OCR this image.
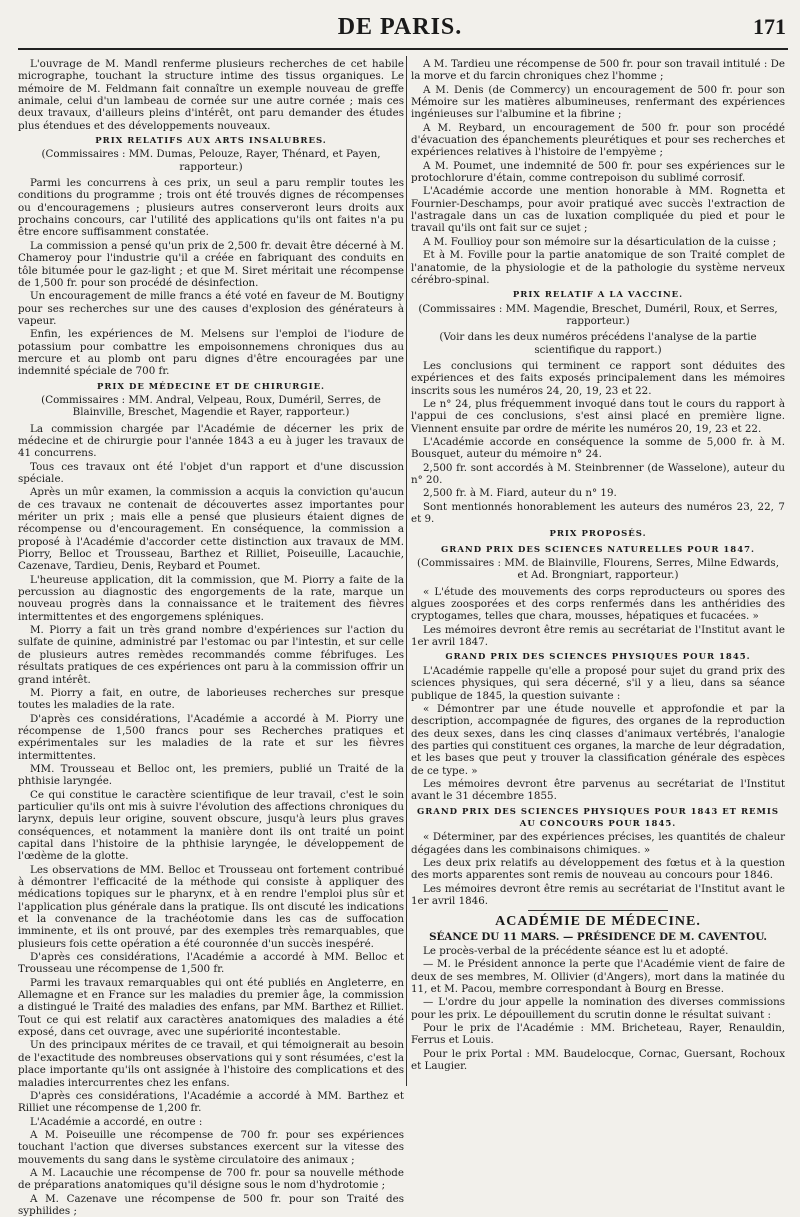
DE PARIS.	171

L'ouvrage de M. Mandl renferme plusieurs recherches de cet habile micrographe, touchant la structure intime des tissus organiques. Le mémoire de M. Feldmann fait connaître un exemple nouveau de greffe animale, celui d'un lambeau de cornée sur une autre cornée ; mais ces deux travaux, d'ailleurs pleins d'intérêt, ont paru demander des études plus étendues et des développements nouveaux.

PRIX RELATIFS AUX ARTS INSALUBRES.

(Commissaires : MM. Dumas, Pelouze, Rayer, Thénard, et Payen, rapporteur.)

Parmi les concurrens à ces prix, un seul a paru remplir toutes les conditions du programme ; trois ont été trouvés dignes de récompenses ou d'encouragemens ; plusieurs autres conserveront leurs droits aux prochains concours, car l'utilité des applications qu'ils ont faites n'a pu être encore suffisamment constatée.

La commission a pensé qu'un prix de 2,500 fr. devait être décerné à M. Chameroy pour l'industrie qu'il a créée en fabriquant des conduits en tôle bitumée pour le gaz-light ; et que M. Siret méritait une récompense de 1,500 fr. pour son procédé de désinfection.

Un encouragement de mille francs a été voté en faveur de M. Boutigny pour ses recherches sur une des causes d'explosion des générateurs à vapeur.

Enfin, les expériences de M. Melsens sur l'emploi de l'iodure de potassium pour combattre les empoisonnemens chroniques dus au mercure et au plomb ont paru dignes d'être encouragées par une indemnité spéciale de 700 fr.

PRIX DE MÉDECINE ET DE CHIRURGIE.

(Commissaires : MM. Andral, Velpeau, Roux, Duméril, Serres, de Blainville, Breschet, Magendie et Rayer, rapporteur.)

La commission chargée par l'Académie de décerner les prix de médecine et de chirurgie pour l'année 1843 a eu à juger les travaux de 41 concurrens.

Tous ces travaux ont été l'objet d'un rapport et d'une discussion spéciale.

Après un mûr examen, la commission a acquis la conviction qu'aucun de ces travaux ne contenait de découvertes assez importantes pour mériter un prix ; mais elle a pensé que plusieurs étaient dignes de récompense ou d'encouragement. En conséquence, la commission a proposé à l'Académie d'accorder cette distinction aux travaux de MM. Piorry, Belloc et Trousseau, Barthez et Rilliet, Poiseuille, Lacauchie, Cazenave, Tardieu, Denis, Reybard et Poumet.

L'heureuse application, dit la commission, que M. Piorry a faite de la percussion au diagnostic des engorgements de la rate, marque un nouveau progrès dans la connaissance et le traitement des fièvres intermittentes et des engorgemens spléniques.

M. Piorry a fait un très grand nombre d'expériences sur l'action du sulfate de quinine, administré par l'estomac ou par l'intestin, et sur celle de plusieurs autres remèdes recommandés comme fébrifuges. Les résultats pratiques de ces expériences ont paru à la commission offrir un grand intérêt.

M. Piorry a fait, en outre, de laborieuses recherches sur presque toutes les maladies de la rate.

D'après ces considérations, l'Académie a accordé à M. Piorry une récompense de 1,500 francs pour ses Recherches pratiques et expérimentales sur les maladies de la rate et sur les fièvres intermittentes.

MM. Trousseau et Belloc ont, les premiers, publié un Traité de la phthisie laryngée.

Ce qui constitue le caractère scientifique de leur travail, c'est le soin particulier qu'ils ont mis à suivre l'évolution des affections chroniques du larynx, depuis leur origine, souvent obscure, jusqu'à leurs plus graves conséquences, et notamment la manière dont ils ont traité un point capital dans l'histoire de la phthisie laryngée, le développement de l'œdème de la glotte.

Les observations de MM. Belloc et Trousseau ont fortement contribué à démontrer l'efficacité de la méthode qui consiste à appliquer des médications topiques sur le pharynx, et à en rendre l'emploi plus sûr et l'application plus générale dans la pratique. Ils ont discuté les indications et la convenance de la trachéotomie dans les cas de suffocation imminente, et ils ont prouvé, par des exemples très remarquables, que plusieurs fois cette opération a été couronnée d'un succès inespéré.

D'après ces considérations, l'Académie a accordé à MM. Belloc et Trousseau une récompense de 1,500 fr.

Parmi les travaux remarquables qui ont été publiés en Angleterre, en Allemagne et en France sur les maladies du premier âge, la commission a distingué le Traité des maladies des enfans, par MM. Barthez et Rilliet. Tout ce qui est relatif aux caractères anatomiques des maladies a été exposé, dans cet ouvrage, avec une supériorité incontestable.

Un des principaux mérites de ce travail, et qui témoignerait au besoin de l'exactitude des nombreuses observations qui y sont résumées, c'est la place importante qu'ils ont assignée à l'histoire des complications et des maladies intercurrentes chez les enfans.

D'après ces considérations, l'Académie a accordé à MM. Barthez et Rilliet une récompense de 1,200 fr.

L'Académie a accordé, en outre :

A M. Poiseuille une récompense de 700 fr. pour ses expériences touchant l'action que diverses substances exercent sur la vitesse des mouvements du sang dans le système circulatoire des animaux ;

A M. Lacauchie une récompense de 700 fr. pour sa nouvelle méthode de préparations anatomiques qu'il désigne sous le nom d'hydrotomie ;

A M. Cazenave une récompense de 500 fr. pour son Traité des syphilides ;

A M. Tardieu une récompense de 500 fr. pour son travail intitulé : De la morve et du farcin chroniques chez l'homme ;

A M. Denis (de Commercy) un encouragement de 500 fr. pour son Mémoire sur les matières albumineuses, renfermant des expériences ingénieuses sur l'albumine et la fibrine ;

A M. Reybard, un encouragement de 500 fr. pour son procédé d'évacuation des épanchements pleurétiques et pour ses recherches et expériences relatives à l'histoire de l'empyème ;

A M. Poumet, une indemnité de 500 fr. pour ses expériences sur le protochlorure d'étain, comme contrepoison du sublimé corrosif.

L'Académie accorde une mention honorable à MM. Rognetta et Fournier-Deschamps, pour avoir pratiqué avec succès l'extraction de l'astragale dans un cas de luxation compliquée du pied et pour le travail qu'ils ont fait sur ce sujet ;

A M. Foullioy pour son mémoire sur la désarticulation de la cuisse ;

Et à M. Foville pour la partie anatomique de son Traité complet de l'anatomie, de la physiologie et de la pathologie du système nerveux cérébro-spinal.

PRIX RELATIF A LA VACCINE.

(Commissaires : MM. Magendie, Breschet, Duméril, Roux, et Serres, rapporteur.)

(Voir dans les deux numéros précédens l'analyse de la partie scientifique du rapport.)

Les conclusions qui terminent ce rapport sont déduites des expériences et des faits exposés principalement dans les mémoires inscrits sous les numéros 24, 20, 19, 23 et 22.

Le n° 24, plus fréquemment invoqué dans tout le cours du rapport à l'appui de ces conclusions, s'est ainsi placé en première ligne. Viennent ensuite par ordre de mérite les numéros 20, 19, 23 et 22.

L'Académie accorde en conséquence la somme de 5,000 fr. à M. Bousquet, auteur du mémoire n° 24.

2,500 fr. sont accordés à M. Steinbrenner (de Wasselone), auteur du n° 20.

2,500 fr. à M. Fiard, auteur du n° 19.

Sont mentionnés honorablement les auteurs des numéros 23, 22, 7 et 9.

PRIX PROPOSÉS.
GRAND PRIX DES SCIENCES NATURELLES POUR 1847.

(Commissaires : MM. de Blainville, Flourens, Serres, Milne Edwards, et Ad. Brongniart, rapporteur.)

« L'étude des mouvements des corps reproducteurs ou spores des algues zoosporées et des corps renfermés dans les anthéridies des cryptogames, telles que chara, mousses, hépatiques et fucacées. »

Les mémoires devront être remis au secrétariat de l'Institut avant le 1er avril 1847.

GRAND PRIX DES SCIENCES PHYSIQUES POUR 1845.

L'Académie rappelle qu'elle a proposé pour sujet du grand prix des sciences physiques, qui sera décerné, s'il y a lieu, dans sa séance publique de 1845, la question suivante :

« Démontrer par une étude nouvelle et approfondie et par la description, accompagnée de figures, des organes de la reproduction des deux sexes, dans les cinq classes d'animaux vertébrés, l'analogie des parties qui constituent ces organes, la marche de leur dégradation, et les bases que peut y trouver la classification générale des espèces de ce type. »

Les mémoires devront être parvenus au secrétariat de l'Institut avant le 31 décembre 1855.

GRAND PRIX DES SCIENCES PHYSIQUES POUR 1843 ET REMIS AU CONCOURS POUR 1845.

« Déterminer, par des expériences précises, les quantités de chaleur dégagées dans les combinaisons chimiques. »

Les deux prix relatifs au développement des fœtus et à la question des morts apparentes sont remis de nouveau au concours pour 1846.

Les mémoires devront être remis au secrétariat de l'Institut avant le 1er avril 1846.

ACADÉMIE DE MÉDECINE.
SÉANCE DU 11 MARS. — PRÉSIDENCE DE M. CAVENTOU.

Le procès-verbal de la précédente séance est lu et adopté.

— M. le Président annonce la perte que l'Académie vient de faire de deux de ses membres, M. Ollivier (d'Angers), mort dans la matinée du 11, et M. Pacou, membre correspondant à Bourg en Bresse.

— L'ordre du jour appelle la nomination des diverses commissions pour les prix. Le dépouillement du scrutin donne le résultat suivant :

Pour le prix de l'Académie : MM. Bricheteau, Rayer, Renauldin, Ferrus et Louis.

Pour le prix Portal : MM. Baudelocque, Cornac, Guersant, Rochoux et Laugier.
